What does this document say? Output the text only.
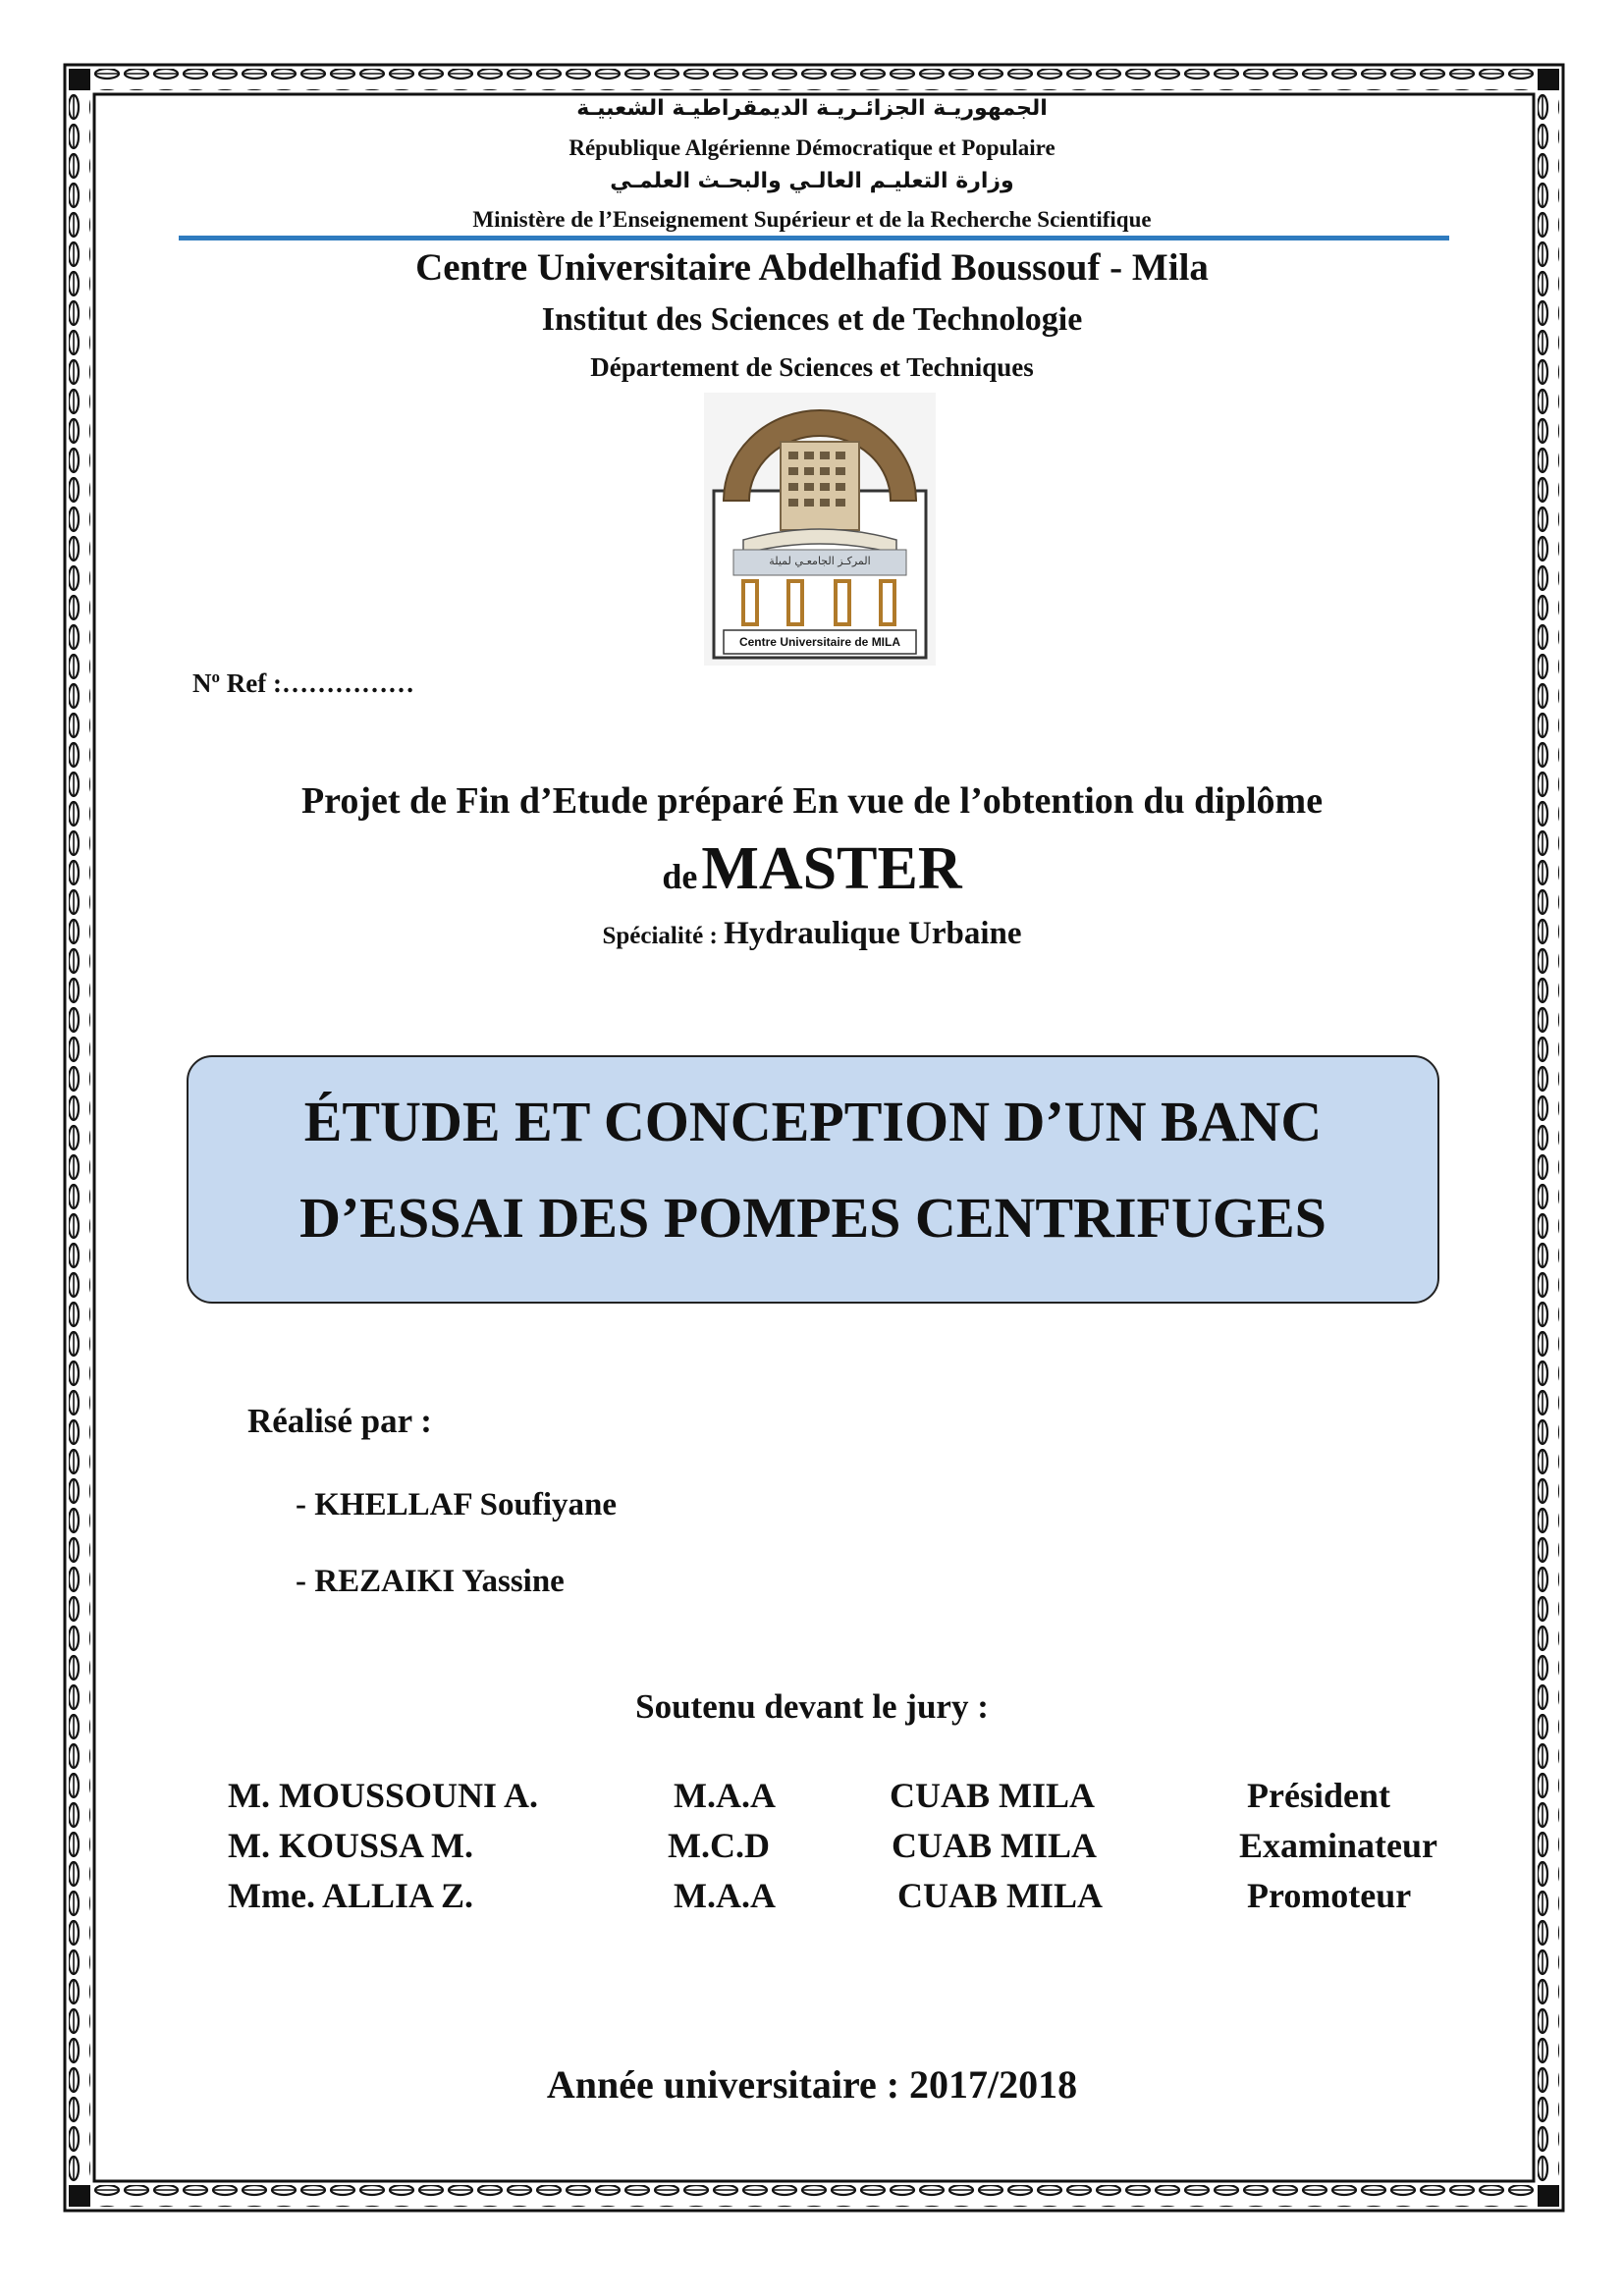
الجمهوريـة الجزائـريـة الديمقراطيـة الشعبيـة
République Algérienne Démocratique et Populaire
وزارة التعليـم العالـي والبحـث العلمـي
Ministère de l’Enseignement Supérieur et de la Recherche Scientifique
Centre Universitaire Abdelhafid Boussouf - Mila
Institut des Sciences et de Technologie
Département de Sciences et Techniques
المركـز الجامعـي لميلة
Centre Universitaire de MILA
$N^o$ Ref :……………
Projet de Fin d’Etude préparé En vue de l’obtention du diplôme
de MASTER
Spécialité : Hydraulique Urbaine
ÉTUDE ET CONCEPTION D’UN BANC
D’ESSAI DES POMPES CENTRIFUGES
Réalisé par :
- KHELLAF Soufiyane
- REZAIKI Yassine
Soutenu devant le jury :
M. MOUSSOUNI A.	M.A.A	CUAB MILA	Président
M. KOUSSA M.	M.C.D	CUAB MILA	Examinateur
Mme. ALLIA Z.	M.A.A	CUAB MILA	Promoteur
Année universitaire : 2017/2018
